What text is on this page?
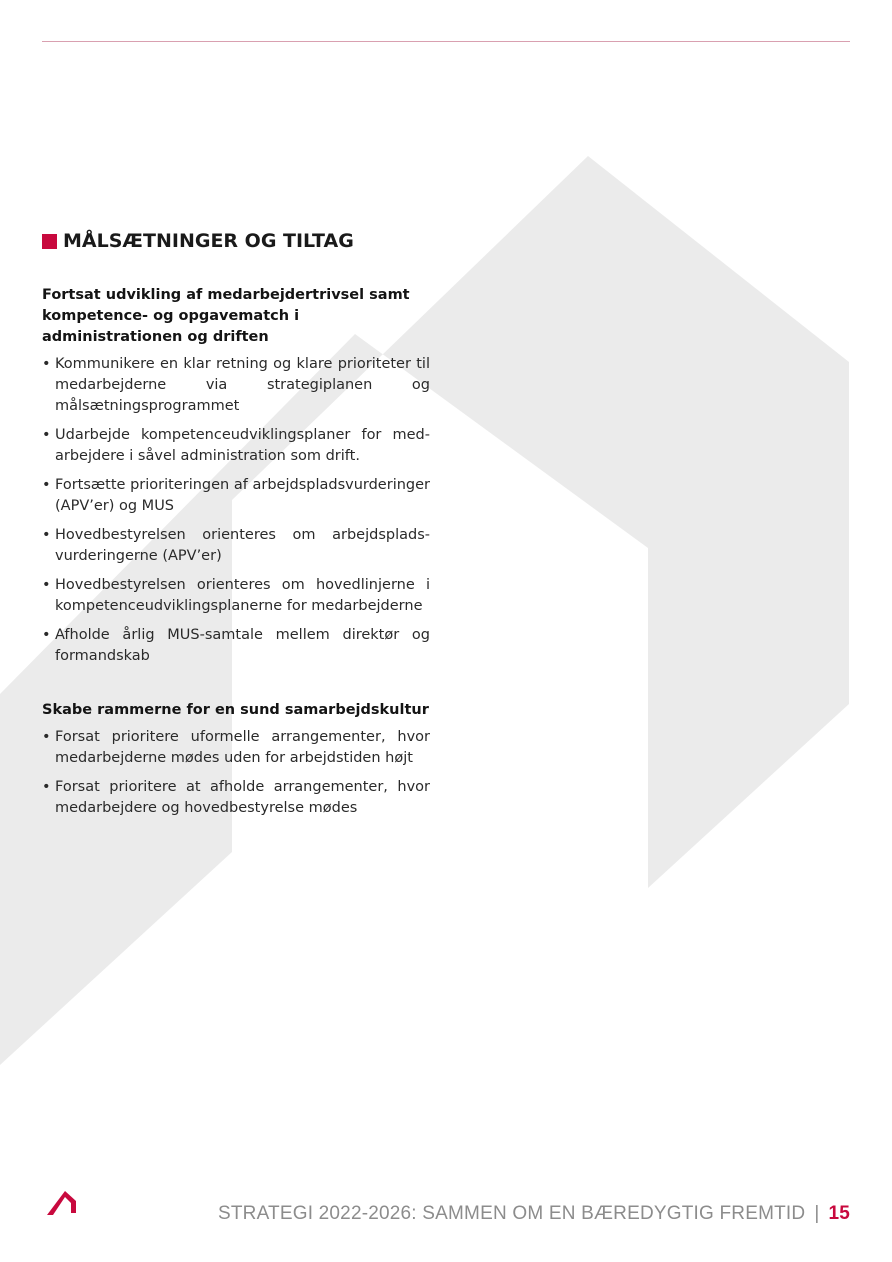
MÅLSÆTNINGER OG TILTAG

Fortsat udvikling af medarbejdertrivsel samt kompetence- og opgavematch i administrationen og driften

• Kommunikere en klar retning og klare prioriteter til medarbejderne via strategiplanen og målsætningsprogrammet
• Udarbejde kompetenceudviklingsplaner for med-arbejdere i såvel administration som drift.
• Fortsætte prioriteringen af arbejdspladsvurderinger (APV’er) og MUS
• Hovedbestyrelsen orienteres om arbejdsplads-vurderingerne (APV’er)
• Hovedbestyrelsen orienteres om hovedlinjerne i kompetenceudviklingsplanerne for medarbejderne
• Afholde årlig MUS-samtale mellem direktør og formandskab

Skabe rammerne for en sund samarbejdskultur

• Forsat prioritere uformelle arrangementer, hvor medarbejderne mødes uden for arbejdstiden højt
• Forsat prioritere at afholde arrangementer, hvor medarbejdere og hovedbestyrelse mødes
STRATEGI 2022-2026: SAMMEN OM EN BÆREDYGTIG FREMTID | 15
